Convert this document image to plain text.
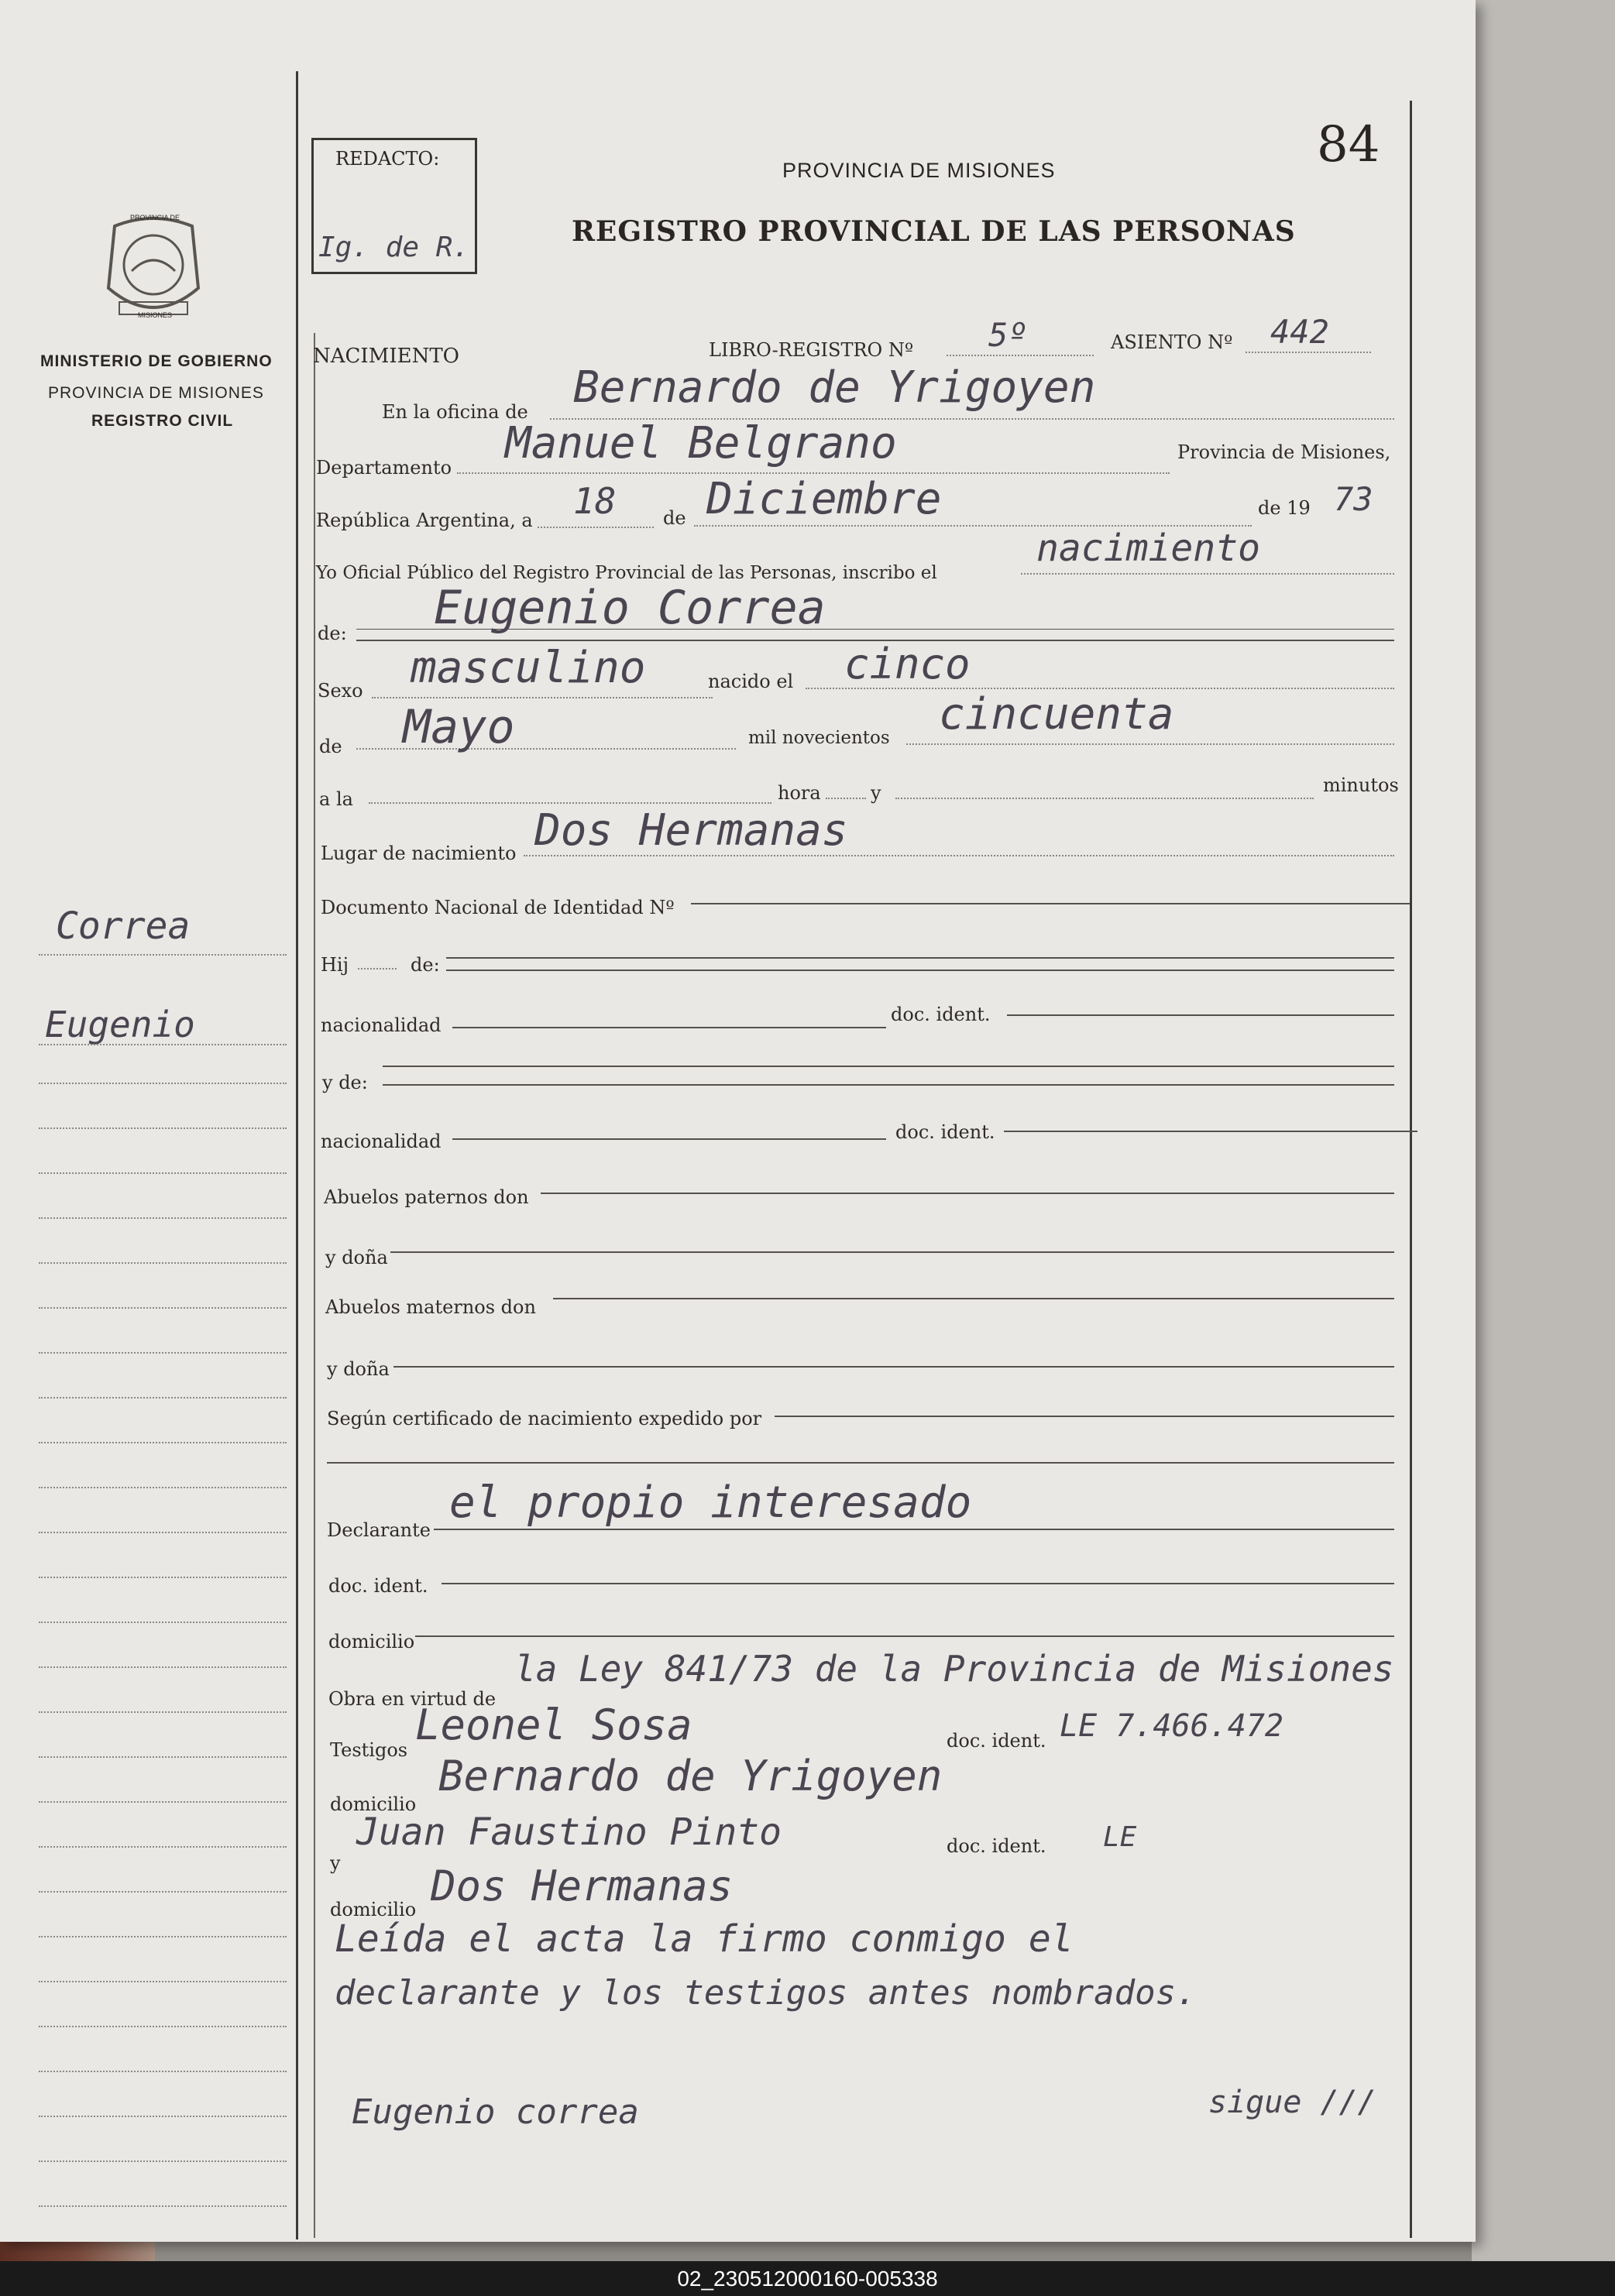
84
REDACTO:
Ig. de R.
PROVINCIA DE MISIONES
REGISTRO PROVINCIAL DE LAS PERSONAS
PROVINCIA DE
MISIONES
MINISTERIO DE GOBIERNO
PROVINCIA DE MISIONES
REGISTRO CIVIL
Correa
Eugenio
NACIMIENTO	LIBRO-REGISTRO Nº 5º	ASIENTO Nº 442
En la oficina de Bernardo de Yrigoyen
Departamento Manuel Belgrano	Provincia de Misiones,
República Argentina, a 18	de Diciembre	de 19 73
Yo Oficial Público del Registro Provincial de las Personas, inscribo el
nacimiento
de: Eugenio Correa
Sexo masculino	nacido el cinco
de Mayo	mil novecientos cincuenta
a la	hora	y	minutos
Lugar de nacimiento Dos Hermanas
Documento Nacional de Identidad Nº
Hij	de:
nacionalidad	doc. ident.
y de:
nacionalidad	doc. ident.
Abuelos paternos don
y doña
Abuelos maternos don
y doña
Según certificado de nacimiento expedido por
Declarante
el propio interesado
doc. ident.
domicilio
Obra en virtud de
la Ley 841/73 de la Provincia de Misiones
Testigos
Leonel Sosa	doc. ident. LE 7.466.472
domicilio
Bernardo de Yrigoyen
y
Juan Faustino Pinto	doc. ident. LE
domicilio Dos Hermanas
Leída el acta la firmo conmigo el
declarante y los testigos antes nombrados.
Eugenio correa	sigue ///
02_230512000160-005338
